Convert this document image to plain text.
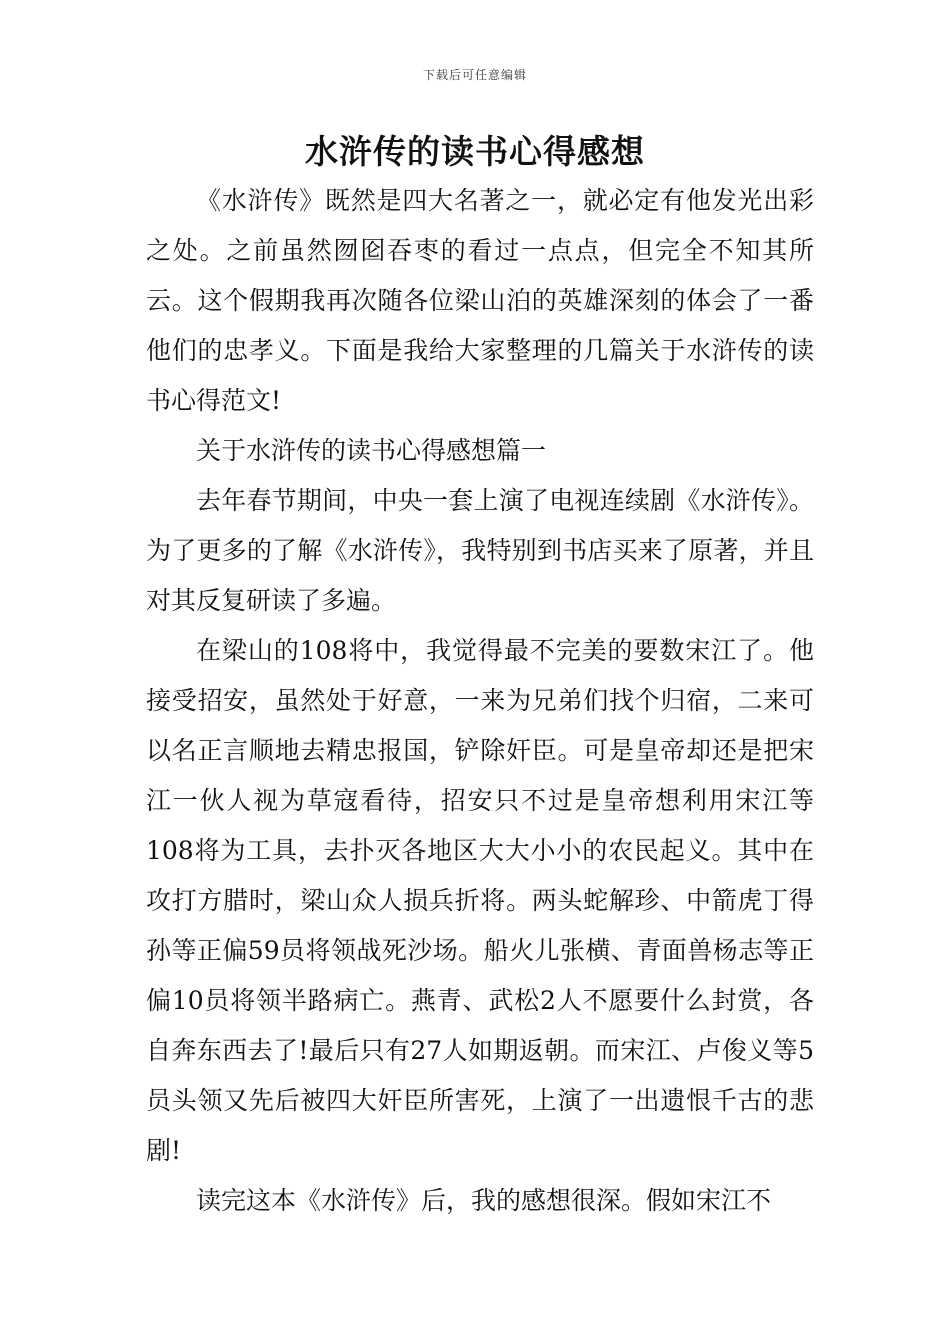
下载后可任意编辑
水浒传的读书心得感想

《水浒传》既然是四大名著之一，就必定有他发光出彩之处。之前虽然囫囵吞枣的看过一点点，但完全不知其所云。这个假期我再次随各位梁山泊的英雄深刻的体会了一番他们的忠孝义。下面是我给大家整理的几篇关于水浒传的读书心得范文!

关于水浒传的读书心得感想篇一

去年春节期间，中央一套上演了电视连续剧《水浒传》。为了更多的了解《水浒传》，我特别到书店买来了原著，并且对其反复研读了多遍。

在梁山的108将中，我觉得最不完美的要数宋江了。他接受招安，虽然处于好意，一来为兄弟们找个归宿，二来可以名正言顺地去精忠报国，铲除奸臣。可是皇帝却还是把宋江一伙人视为草寇看待，招安只不过是皇帝想利用宋江等108将为工具，去扑灭各地区大大小小的农民起义。其中在攻打方腊时，梁山众人损兵折将。两头蛇解珍、中箭虎丁得孙等正偏59员将领战死沙场。船火儿张横、青面兽杨志等正偏10员将领半路病亡。燕青、武松2人不愿要什么封赏，各自奔东西去了!最后只有27人如期返朝。而宋江、卢俊义等5员头领又先后被四大奸臣所害死，上演了一出遗恨千古的悲剧!

读完这本《水浒传》后，我的感想很深。假如宋江不
